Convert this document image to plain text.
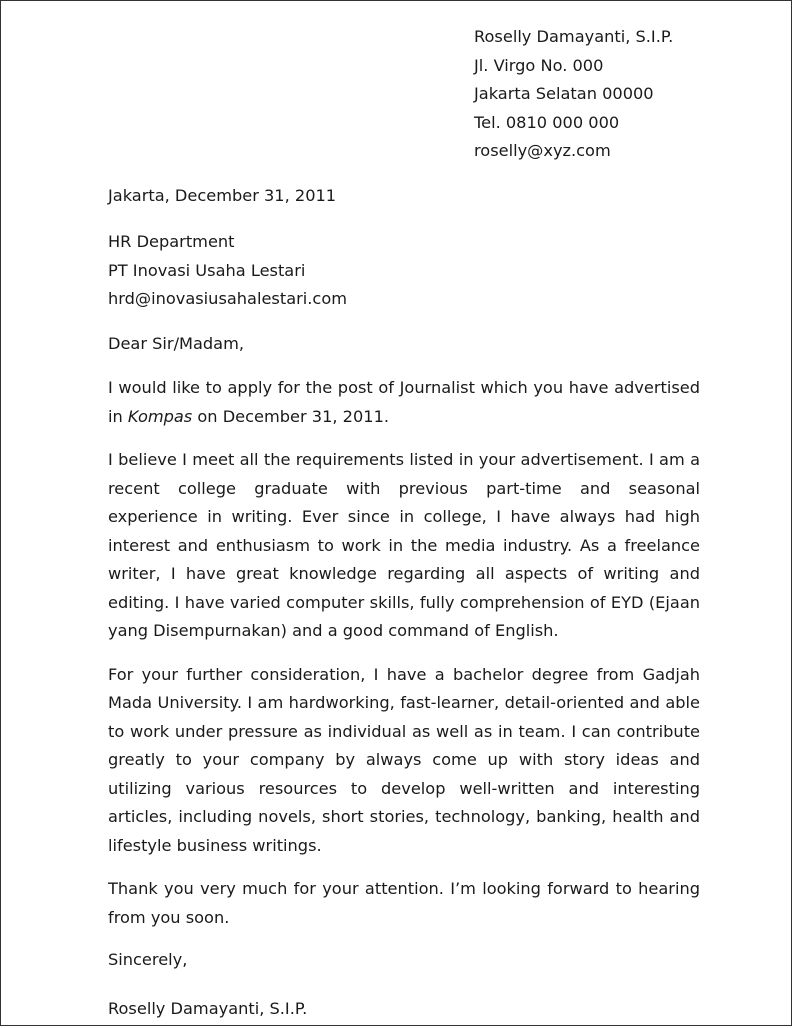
Roselly Damayanti, S.I.P.
Jl. Virgo No. 000
Jakarta Selatan 00000
Tel. 0810 000 000
roselly@xyz.com
Jakarta, December 31, 2011
HR Department
PT Inovasi Usaha Lestari
hrd@inovasiusahalestari.com
Dear Sir/Madam,

I would like to apply for the post of Journalist which you have advertised in Kompas on December 31, 2011.

I believe I meet all the requirements listed in your advertisement. I am a recent college graduate with previous part-time and seasonal experience in writing. Ever since in college, I have always had high interest and enthusiasm to work in the media industry. As a freelance writer, I have great knowledge regarding all aspects of writing and editing. I have varied computer skills, fully comprehension of EYD (Ejaan yang Disempurnakan) and a good command of English.

For your further consideration, I have a bachelor degree from Gadjah Mada University. I am hardworking, fast-learner, detail-oriented and able to work under pressure as individual as well as in team. I can contribute greatly to your company by always come up with story ideas and utilizing various resources to develop well-written and interesting articles, including novels, short stories, technology, banking, health and lifestyle business writings.

Thank you very much for your attention. I’m looking forward to hearing from you soon.

Sincerely,
Roselly Damayanti, S.I.P.
